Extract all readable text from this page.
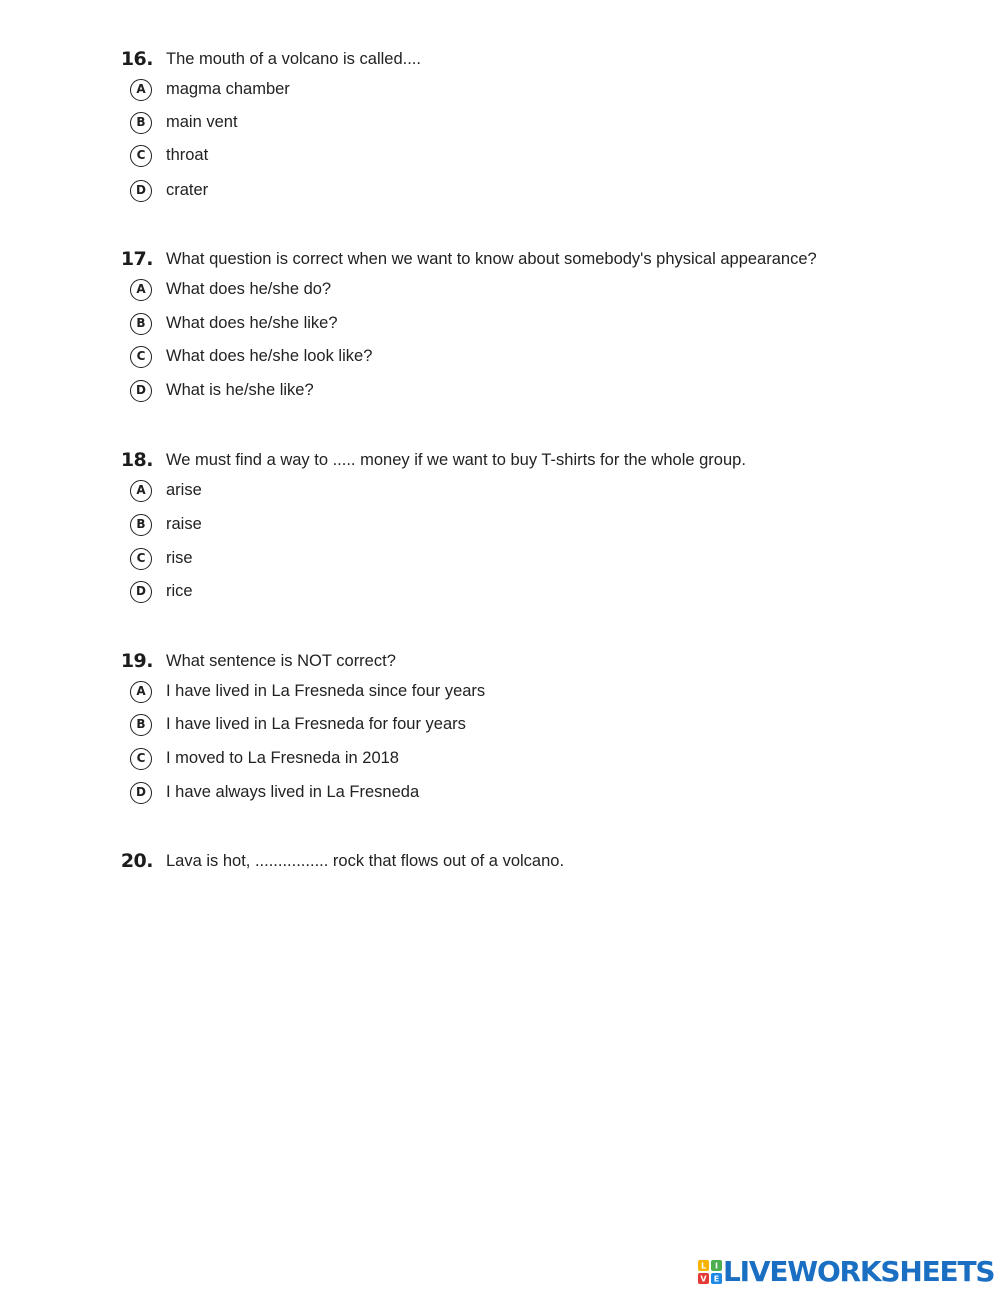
16. The mouth of a volcano is called....
A	magma chamber
B	main vent
C	throat
D	crater
17. What question is correct when we want to know about somebody's physical appearance?
A	What does he/she do?
B	What does he/she like?
C	What does he/she look like?
D	What is he/she like?
18. We must find a way to ..... money if we want to buy T-shirts for the whole group.
A	arise
B	raise
C	rise
D	rice
19. What sentence is NOT correct?
A	I have lived in La Fresneda since four years
B	I have lived in La Fresneda for four years
C	I moved to La Fresneda in 2018
D	I have always lived in La Fresneda
20. Lava is hot, ................ rock that flows out of a volcano.
L I
V E LIVEWORKSHEETS
